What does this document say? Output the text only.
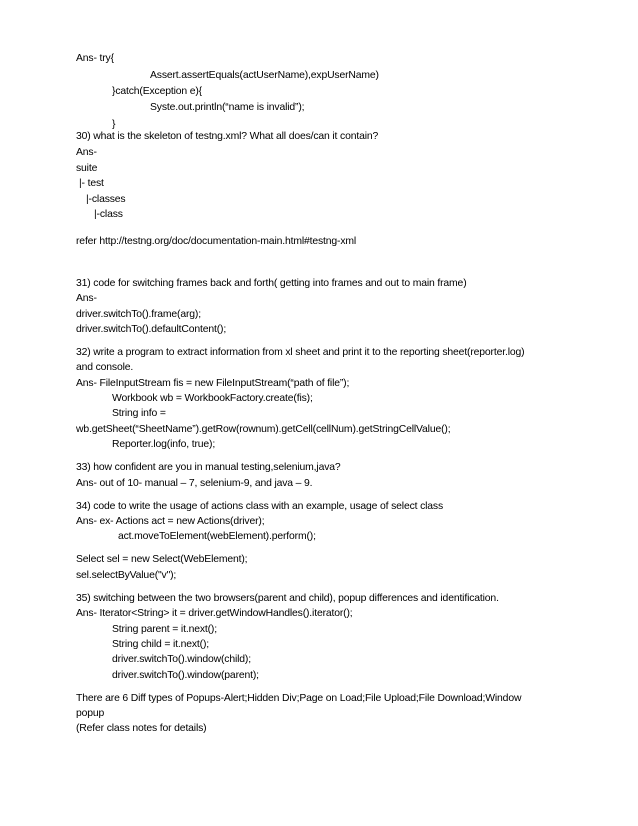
Ans- try{
Assert.assertEquals(actUserName),expUserName)
}catch(Exception e){
Syste.out.println(“name is invalid”);
}
30) what is the skeleton of testng.xml? What all does/can it contain?
Ans-
suite
|- test
|-classes
|-class
refer http://testng.org/doc/documentation-main.html#testng-xml
31) code for switching frames back and forth( getting into frames and out to main frame)
Ans-
driver.switchTo().frame(arg);
driver.switchTo().defaultContent();
32) write a program to extract information from xl sheet and print it to the reporting sheet(reporter.log)
and console.
Ans- FileInputStream fis = new FileInputStream(“path of file”);
Workbook wb = WorkbookFactory.create(fis);
String info =
wb.getSheet(“SheetName”).getRow(rownum).getCell(cellNum).getStringCellValue();
Reporter.log(info, true);
33) how confident are you in manual testing,selenium,java?
Ans- out of 10- manual – 7, selenium-9, and java – 9.
34) code to write the usage of actions class with an example, usage of select class
Ans- ex- Actions act = new Actions(driver);
act.moveToElement(webElement).perform();
Select sel = new Select(WebElement);
sel.selectByValue("v");
35) switching between the two browsers(parent and child), popup differences and identification.
Ans- Iterator<String> it = driver.getWindowHandles().iterator();
String parent = it.next();
String child = it.next();
driver.switchTo().window(child);
driver.switchTo().window(parent);
There are 6 Diff types of Popups-Alert;Hidden Div;Page on Load;File Upload;File Download;Window
popup
(Refer class notes for details)
